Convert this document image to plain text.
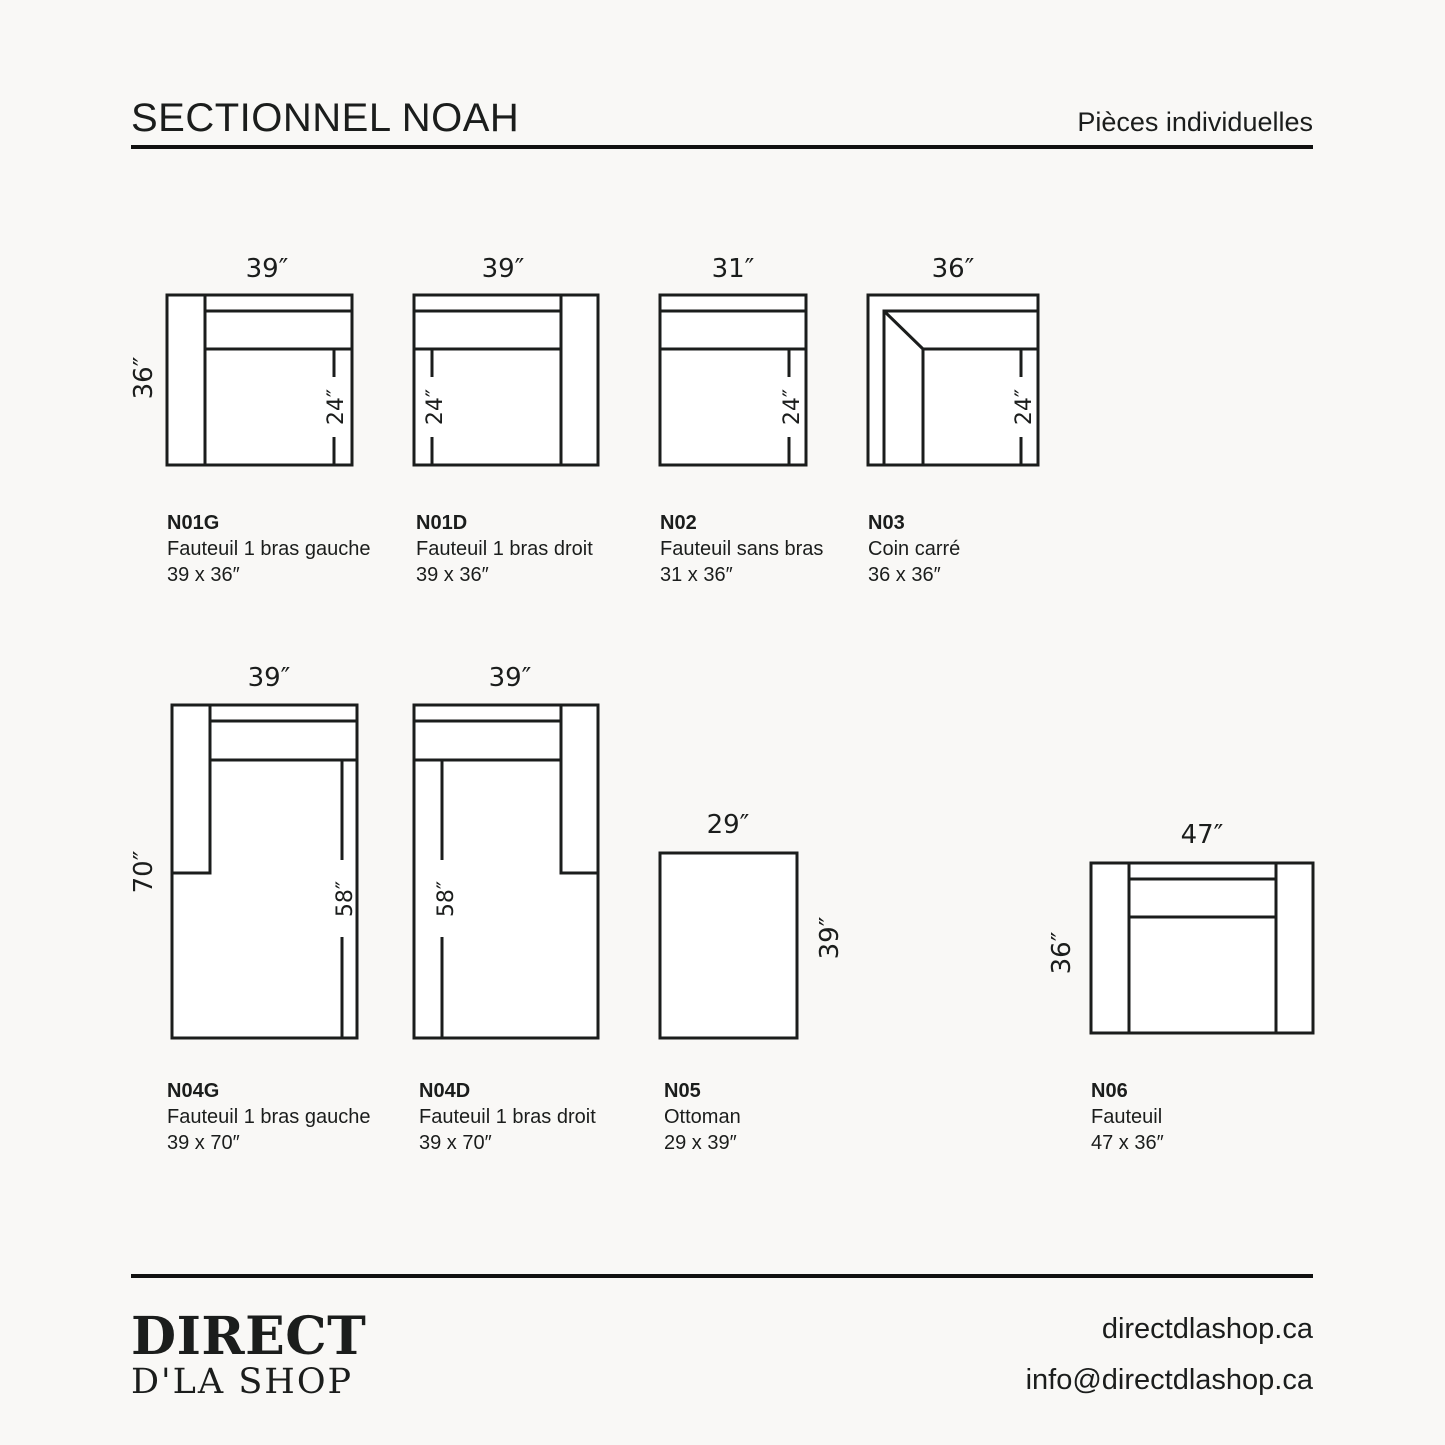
SECTIONNEL NOAH	Pièces individuelles
39″
36″
24″
39″
24″
31″
24″
36″
24″
39″
70″
58″
39″
58″
29″
39″
47″
36″
N01G
Fauteuil 1 bras gauche
39 x 36″
N01D
Fauteuil 1 bras droit
39 x 36″
N02
Fauteuil sans bras
31 x 36″
N03
Coin carré
36 x 36″
N04G
Fauteuil 1 bras gauche
39 x 70″
N04D
Fauteuil 1 bras droit
39 x 70″
N05
Ottoman
29 x 39″
N06
Fauteuil
47 x 36″
DIRECT
D'LA SHOP
directdlashop.ca
info@directdlashop.ca
